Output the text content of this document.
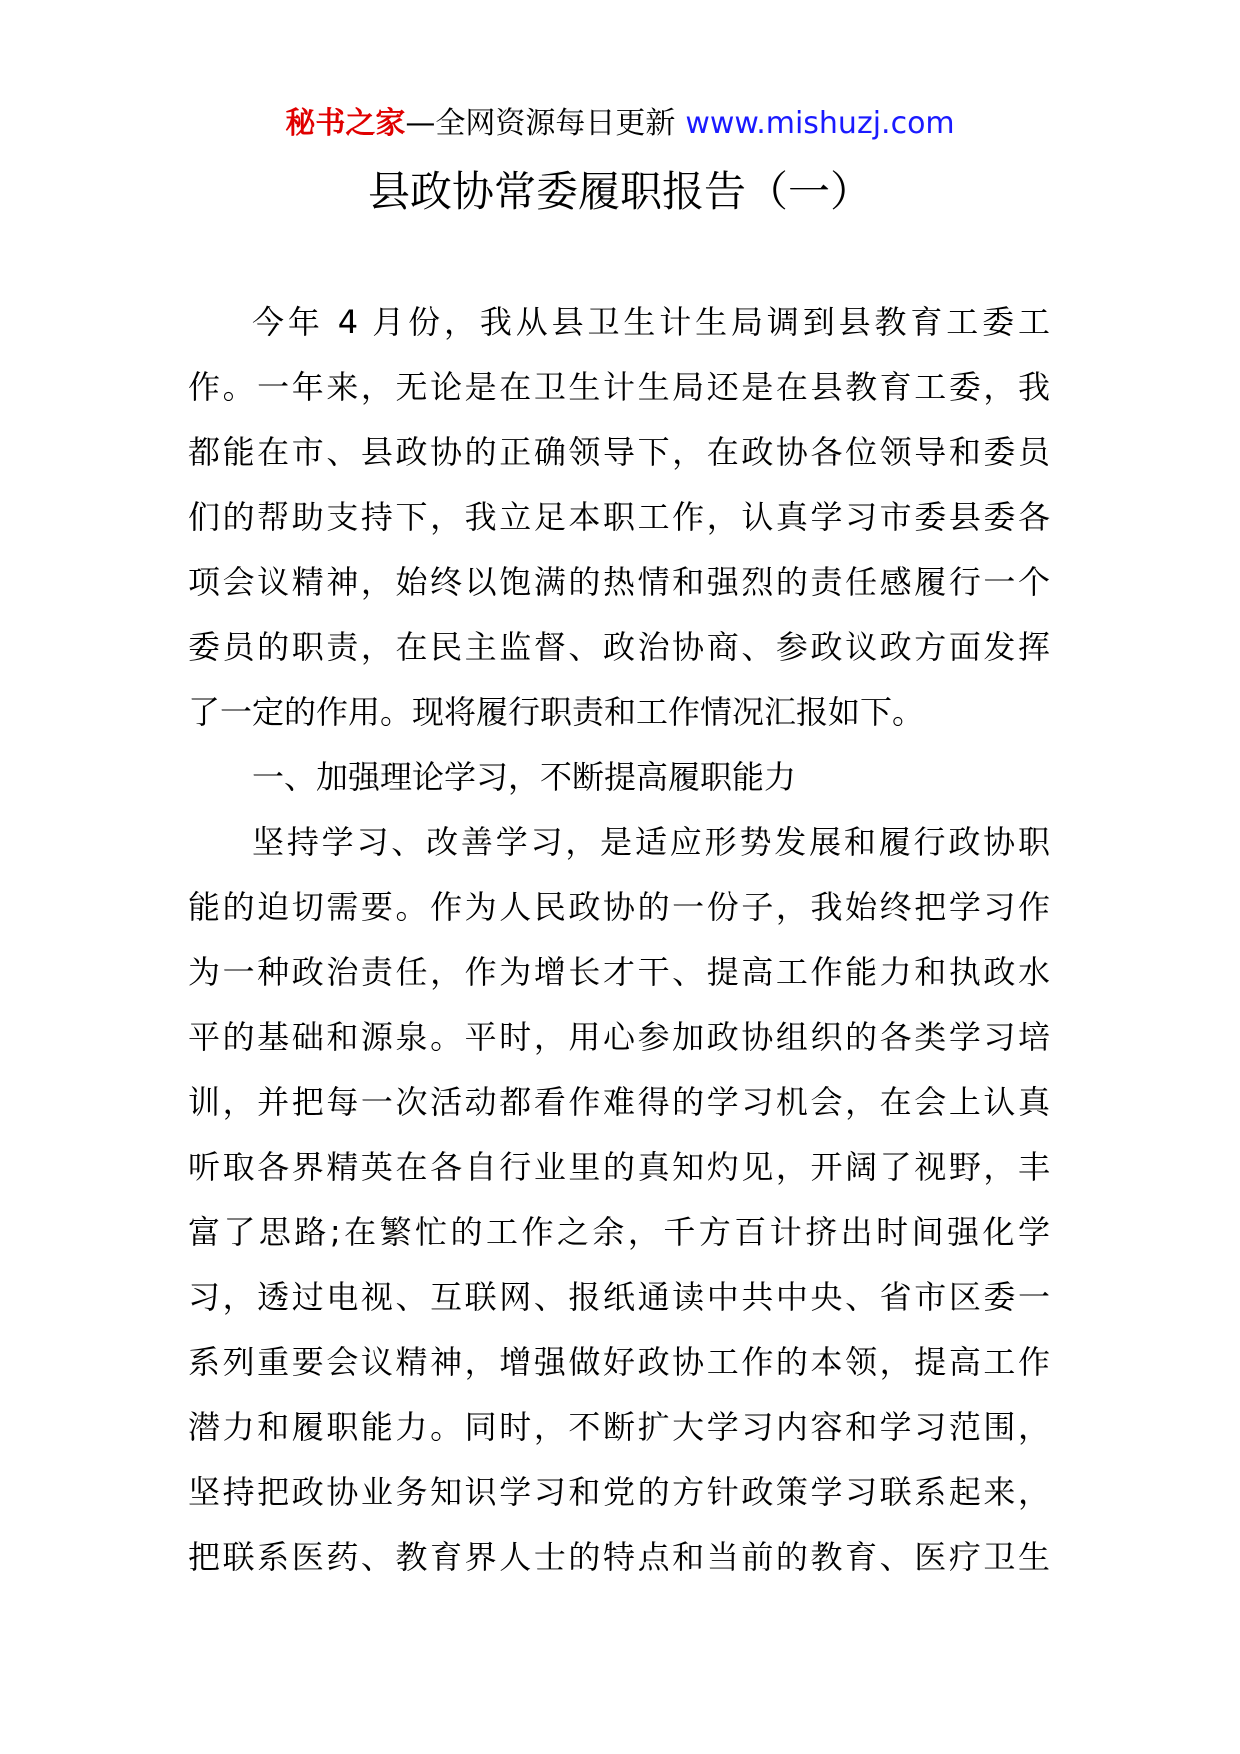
秘书之家—全网资源每日更新 www.mishuzj.com
县政协常委履职报告（一）
今年 4 月份，我从县卫生计生局调到县教育工委工
作。一年来，无论是在卫生计生局还是在县教育工委，我
都能在市、县政协的正确领导下，在政协各位领导和委员
们的帮助支持下，我立足本职工作，认真学习市委县委各
项会议精神，始终以饱满的热情和强烈的责任感履行一个
委员的职责，在民主监督、政治协商、参政议政方面发挥
了一定的作用。现将履行职责和工作情况汇报如下。
一、加强理论学习，不断提高履职能力
坚持学习、改善学习，是适应形势发展和履行政协职
能的迫切需要。作为人民政协的一份子，我始终把学习作
为一种政治责任，作为增长才干、提高工作能力和执政水
平的基础和源泉。平时，用心参加政协组织的各类学习培
训，并把每一次活动都看作难得的学习机会，在会上认真
听取各界精英在各自行业里的真知灼见，开阔了视野，丰
富了思路;在繁忙的工作之余，千方百计挤出时间强化学
习，透过电视、互联网、报纸通读中共中央、省市区委一
系列重要会议精神，增强做好政协工作的本领，提高工作
潜力和履职能力。同时，不断扩大学习内容和学习范围，
坚持把政协业务知识学习和党的方针政策学习联系起来，
把联系医药、教育界人士的特点和当前的教育、医疗卫生
